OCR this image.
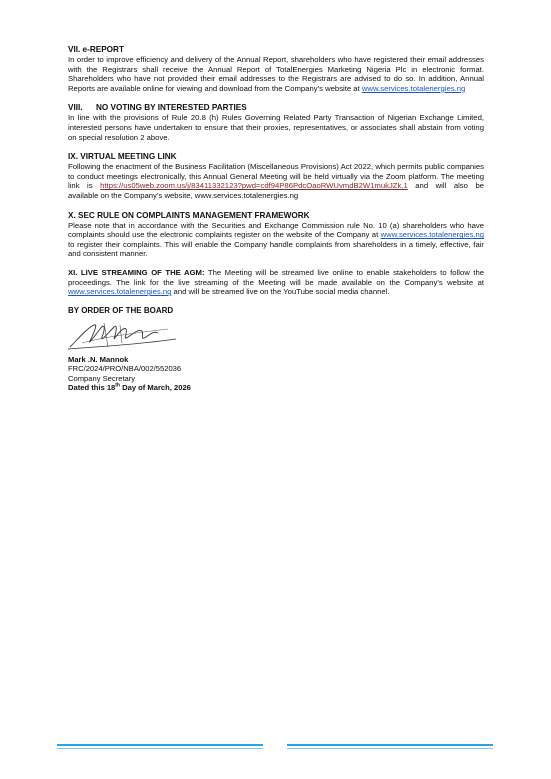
VII. e-REPORT
In order to improve efficiency and delivery of the Annual Report, shareholders who have registered their email addresses with the Registrars shall receive the Annual Report of TotalEnergies Marketing Nigeria Plc in electronic format. Shareholders who have not provided their email addresses to the Registrars are advised to do so. In addition, Annual Reports are available online for viewing and download from the Company’s website at www.services.totalenergies.ng
VIII. NO VOTING BY INTERESTED PARTIES
In line with the provisions of Rule 20.8 (h) Rules Governing Related Party Transaction of Nigerian Exchange Limited, interested persons have undertaken to ensure that their proxies, representatives, or associates shall abstain from voting on special resolution 2 above.
IX. VIRTUAL MEETING LINK
Following the enactment of the Business Facilitation (Miscellaneous Provisions) Act 2022, which permits public companies to conduct meetings electronically, this Annual General Meeting will be held virtually via the Zoom platform. The meeting link is https://us05web.zoom.us/j/83411332123?pwd=cdf94P86PdcOaoRWUvmdB2W1mukJZk.1 and will also be available on the Company’s website, www.services.totalenergies.ng
X. SEC RULE ON COMPLAINTS MANAGEMENT FRAMEWORK
Please note that in accordance with the Securities and Exchange Commission rule No. 10 (a) shareholders who have complaints should use the electronic complaints register on the website of the Company at www.services.totalenergies.ng to register their complaints. This will enable the Company handle complaints from shareholders in a timely, effective, fair and consistent manner.
XI. LIVE STREAMING OF THE AGM: The Meeting will be streamed live online to enable stakeholders to follow the proceedings. The link for the live streaming of the Meeting will be made available on the Company’s website at www.services.totalenergies.ng and will be streamed live on the YouTube social media channel.
BY ORDER OF THE BOARD
Mark .N. Mannok
FRC/2024/PRO/NBA/002/552036
Company Secretary
Dated this 18th Day of March, 2026
